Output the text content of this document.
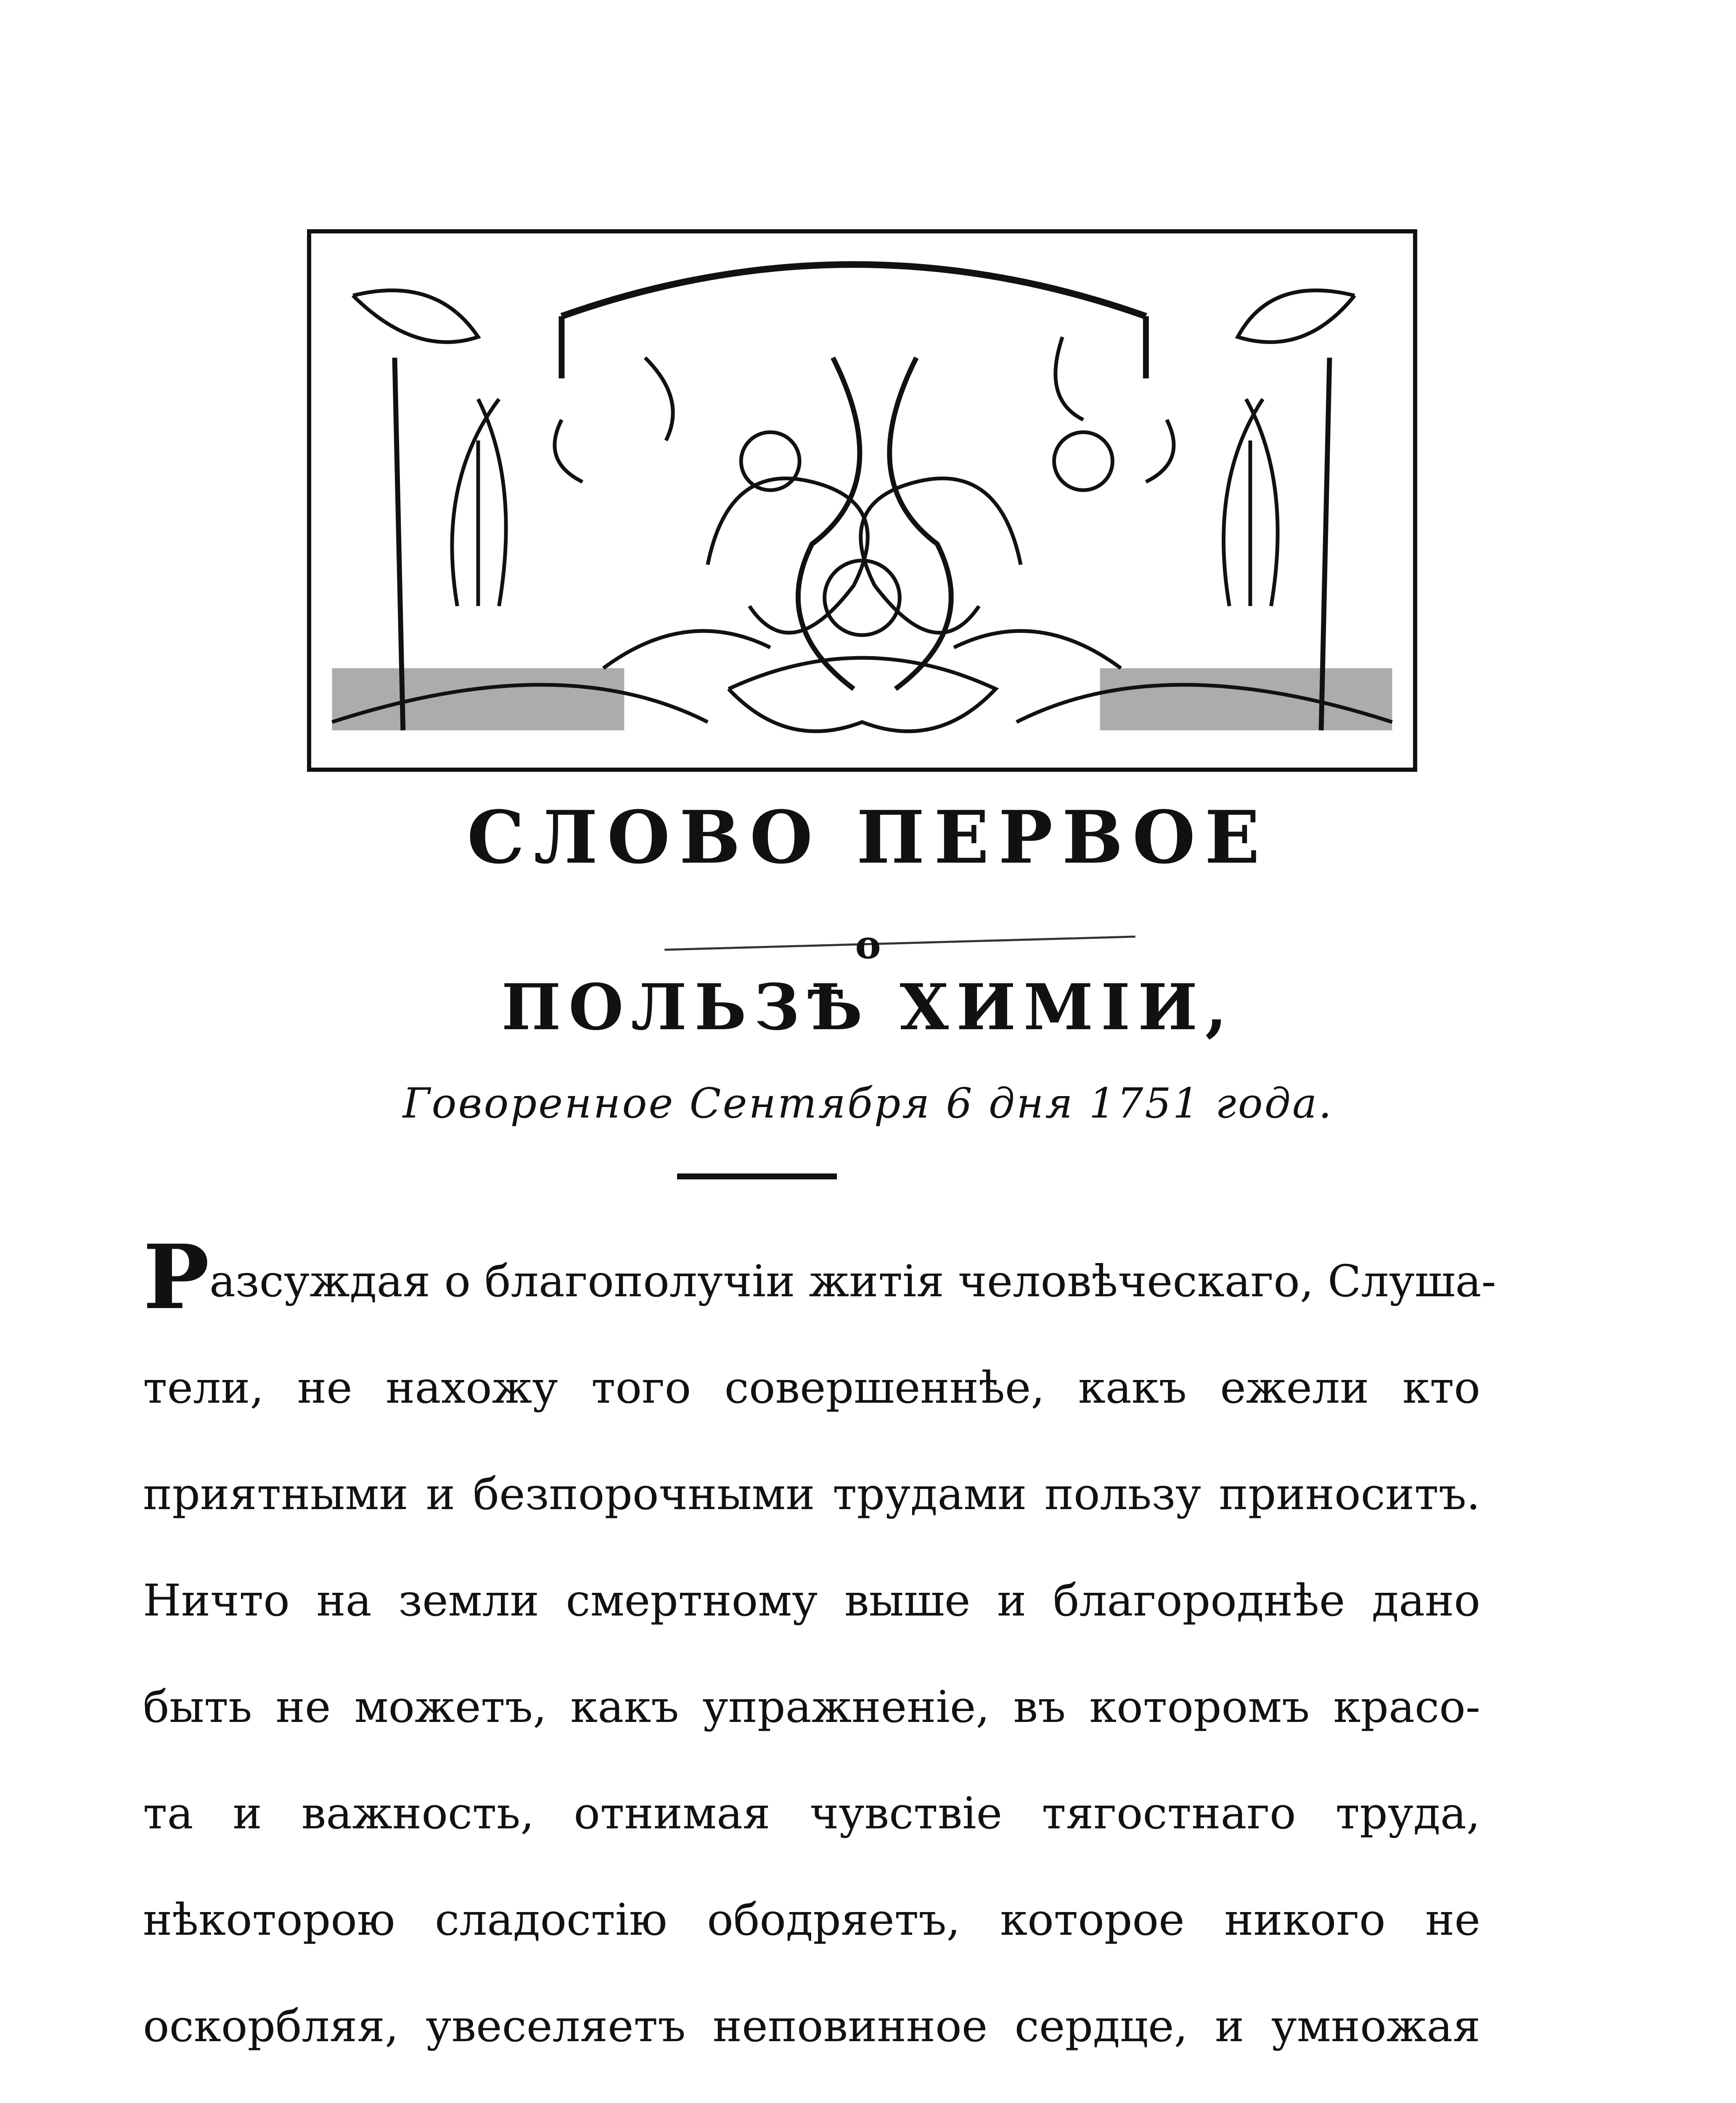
СЛОВО ПЕРВОЕ
о
ПОЛЬЗѢ ХИМIИ,
Говоренное Сентября 6 дня 1751 года.
Разсуждая о благополучiи житiя человѣческаго, Слуша-
тели, не нахожу того совершеннѣе, какъ ежели кто
приятными и безпорочными трудами пользу приноситъ.
Ничто на земли смертному выше и благороднѣе дано
быть не можетъ, какъ упражненiе, въ которомъ красо-
та и важность, отнимая чувствiе тягостнаго труда,
нѣкоторою сладостiю ободряетъ, которое никого не
оскорбляя, увеселяетъ неповинное сердце, и умножая
